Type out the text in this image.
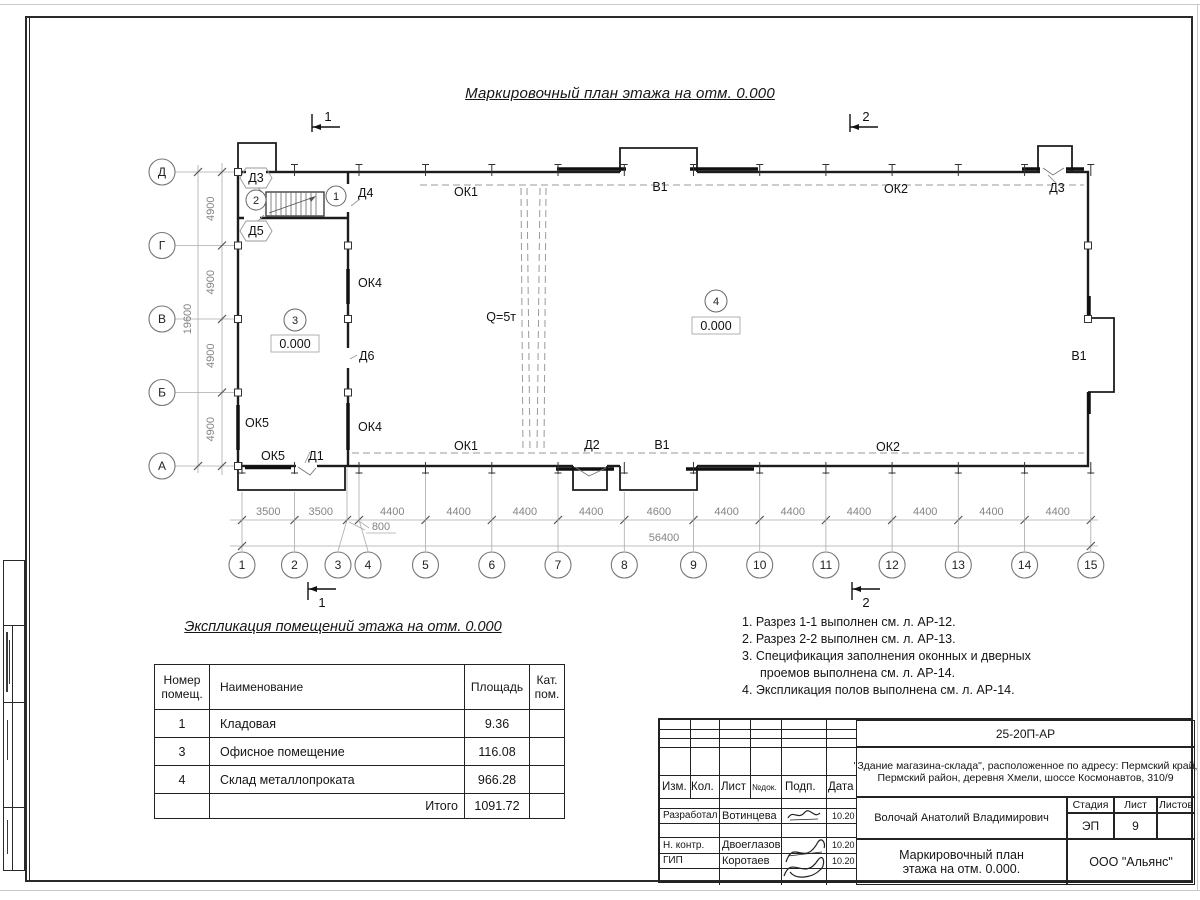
Маркировочный план этажа на отм. 0.000
Д3
2
Д5
1 Д4	ОК1	В1	ОК2	Д3
ОК4
3
0.000
Д6
ОК4
Q=5т
4
0.000
В1
ОК5
ОК5 Д1
ОК1	Д2	В1	ОК2
1	2
1	2
Д
Г
В
Б
А
4900
4900
4900
4900
19600
1	2	3 4	5	6	7	8	9	10	11	12	13	14	15
3500	3500
800
4400	4400	4400	4400	4600	4400	4400	4400	4400	4400	4400
56400
Экспликация помещений этажа на отм. 0.000
Номер помещ.	Наименование	Площадь	Кат. пом.
1	Кладовая	9.36	
3	Офисное помещение	116.08	
4	Склад металлопроката	966.28	
	Итого	1091.72	
1. Разрез 1-1 выполнен см. л. АР-12.
2. Разрез 2-2 выполнен см. л. АР-13.
3. Спецификация заполнения оконных и дверных проемов выполнена см. л. АР-14.
4. Экспликация полов выполнена см. л. АР-14.
Изм. Кол. Лист №док. Подп. Дата
Разработал Вотинцева	10.20
Н. контр. Двоеглазов	10.20
ГИП	Коротаев	10.20
25-20П-АР
"Здание магазина-склада", расположенное по адресу: Пермский край,
Пермский район, деревня Хмели, шоссе Космонавтов, 310/9
Волочай Анатолий Владимирович
Стадия	Лист	Листов
ЭП	9
Маркировочный план
этажа на отм. 0.000.	ООО "Альянс"
